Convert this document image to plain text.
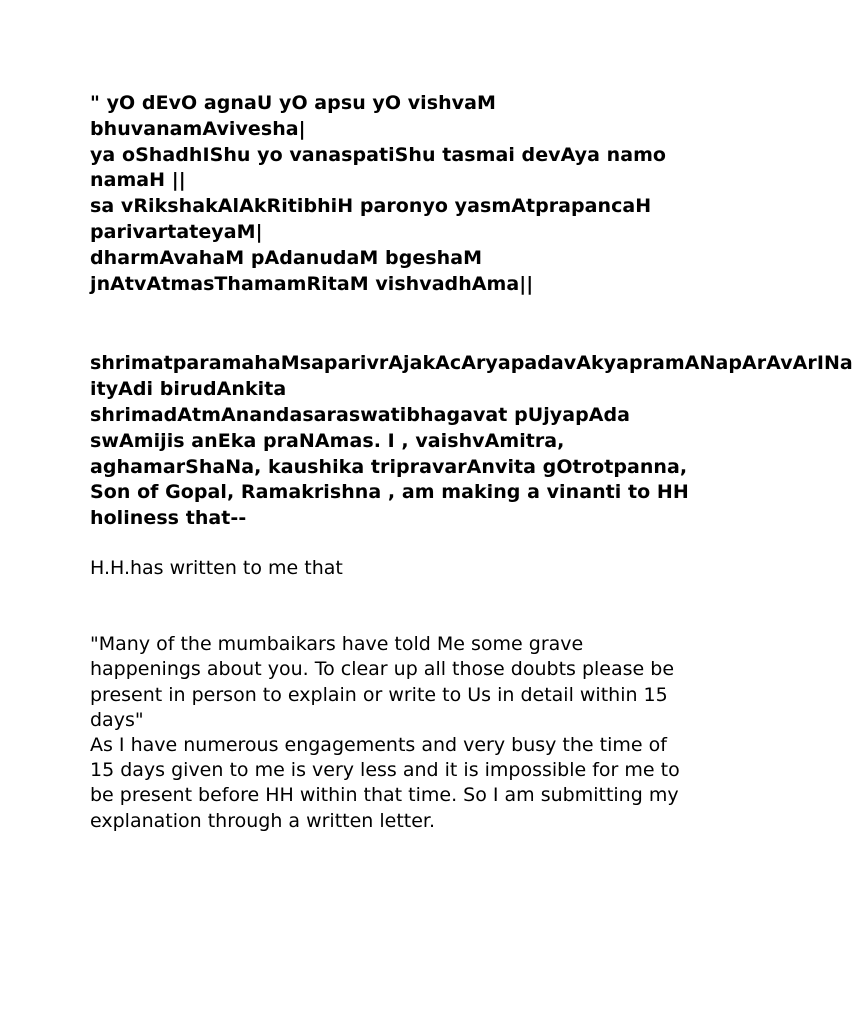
" yO dEvO agnaU yO apsu yO vishvaM bhuvanamAvivesha|

ya oShadhIShu yo vanaspatiShu tasmai devAya namo namaH ||

sa vRikshakAlAkRitibhiH paronyo yasmAtprapancaH parivartateyaM|

dharmAvahaM pAdanudaM bgeshaM

jnAtvAtmasThamamRitaM vishvadhAma||

shrimatparamahaMsaparivrAjakAcAryapadavAkyapramANapArAvArINa ityAdi birudAnkita shrimadAtmAnandasaraswatibhagavat pUjyapAda swAmijis anEka praNAmas. I , vaishvAmitra, aghamarShaNa, kaushika tripravarAnvita gOtrotpanna, Son of Gopal, Ramakrishna , am making a vinanti to HH holiness that--

H.H.has written to me that

"Many of the mumbaikars have told Me some grave happenings about you. To clear up all those doubts please be present in person to explain or write to Us in detail within 15 days"

As I have numerous engagements and very busy the time of 15 days given to me is very less and it is impossible for me to be present before HH within that time. So I am submitting my explanation through a written letter.
